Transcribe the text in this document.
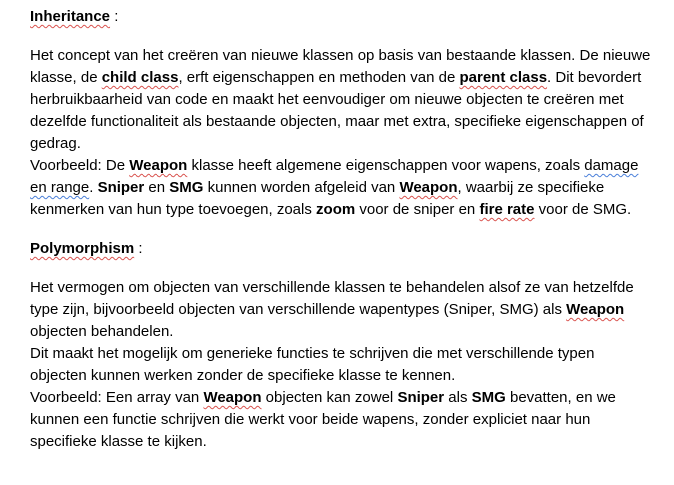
Inheritance :

Het concept van het creëren van nieuwe klassen op basis van bestaande klassen. De nieuwe klasse, de child class, erft eigenschappen en methoden van de parent class. Dit bevordert herbruikbaarheid van code en maakt het eenvoudiger om nieuwe objecten te creëren met dezelfde functionaliteit als bestaande objecten, maar met extra, specifieke eigenschappen of gedrag.

Voorbeeld: De Weapon klasse heeft algemene eigenschappen voor wapens, zoals damage en range. Sniper en SMG kunnen worden afgeleid van Weapon, waarbij ze specifieke kenmerken van hun type toevoegen, zoals zoom voor de sniper en fire rate voor de SMG.

Polymorphism :

Het vermogen om objecten van verschillende klassen te behandelen alsof ze van hetzelfde type zijn, bijvoorbeeld objecten van verschillende wapentypes (Sniper, SMG) als Weapon objecten behandelen.

Dit maakt het mogelijk om generieke functies te schrijven die met verschillende typen objecten kunnen werken zonder de specifieke klasse te kennen.

Voorbeeld: Een array van Weapon objecten kan zowel Sniper als SMG bevatten, en we kunnen een functie schrijven die werkt voor beide wapens, zonder expliciet naar hun specifieke klasse te kijken.
